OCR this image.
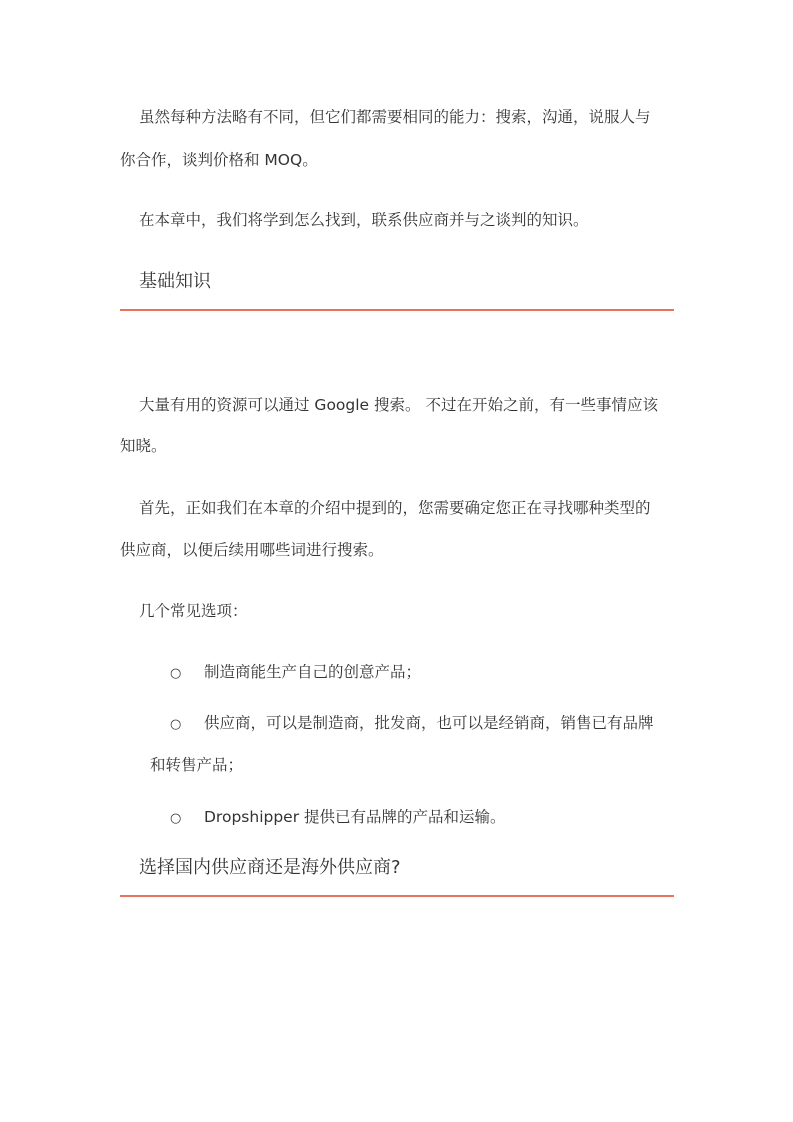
虽然每种方法略有不同，但它们都需要相同的能力：搜索，沟通，说服人与

你合作，谈判价格和 MOQ。

在本章中，我们将学到怎么找到，联系供应商并与之谈判的知识。

基础知识

大量有用的资源可以通过 Google 搜索。 不过在开始之前，有一些事情应该

知晓。

首先，正如我们在本章的介绍中提到的，您需要确定您正在寻找哪种类型的

供应商，以便后续用哪些词进行搜索。

几个常见选项：

○ 制造商能生产自己的创意产品；

○ 供应商，可以是制造商，批发商，也可以是经销商，销售已有品牌

和转售产品；

○ Dropshipper 提供已有品牌的产品和运输。

选择国内供应商还是海外供应商?
